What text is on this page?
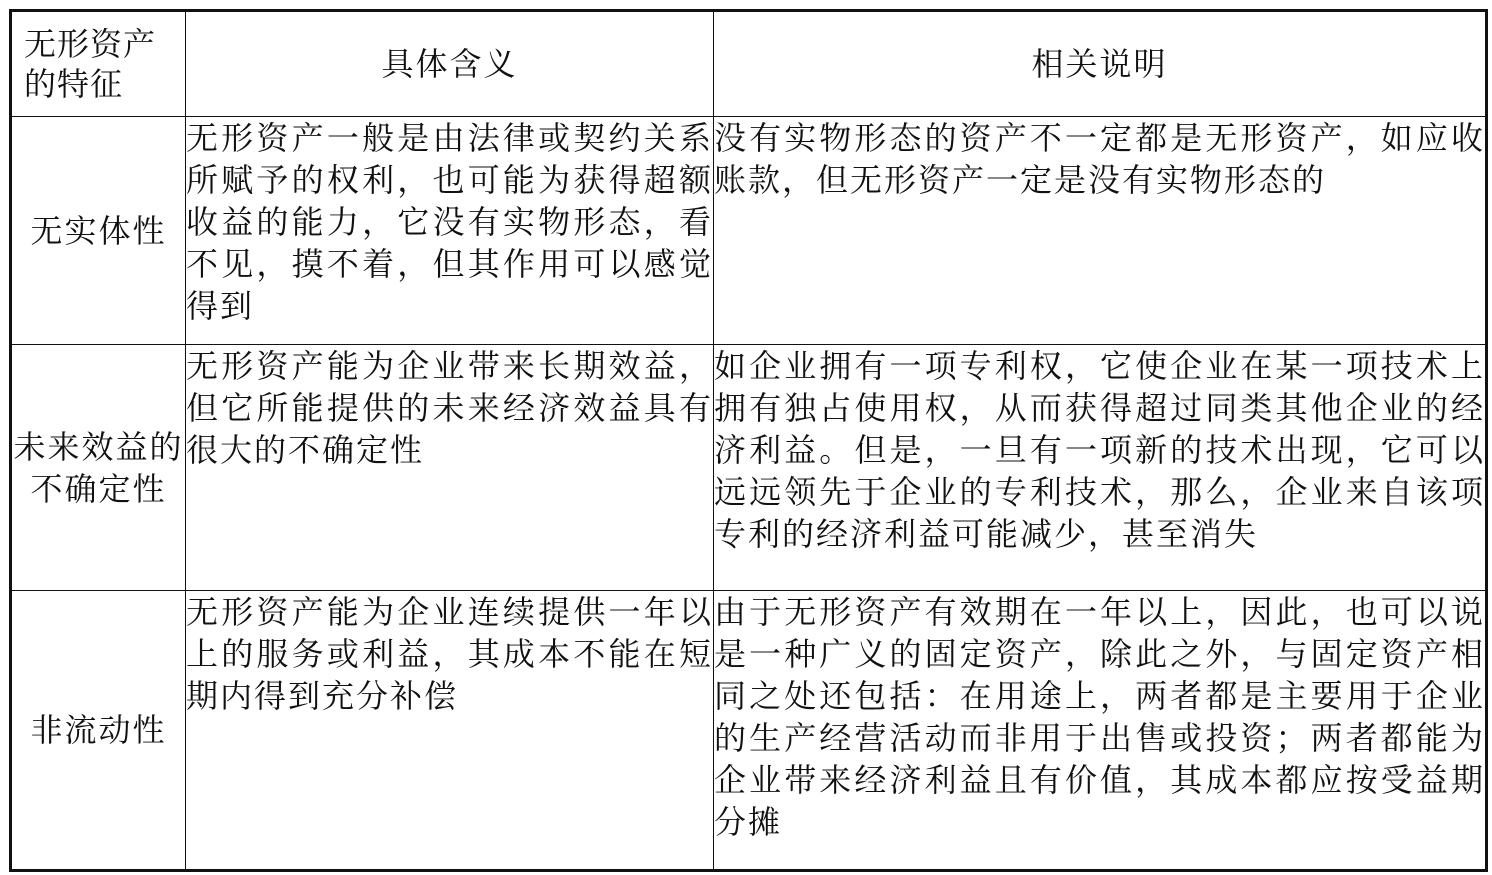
无形资产的特征	具体含义	相关说明
无实体性	无形资产一般是由法律或契约关系所赋予的权利，也可能为获得超额收益的能力，它没有实物形态，看不见，摸不着，但其作用可以感觉得到	没有实物形态的资产不一定都是无形资产，如应收账款，但无形资产一定是没有实物形态的
未来效益的不确定性	无形资产能为企业带来长期效益，但它所能提供的未来经济效益具有很大的不确定性	如企业拥有一项专利权，它使企业在某一项技术上拥有独占使用权，从而获得超过同类其他企业的经济利益。但是，一旦有一项新的技术出现，它可以远远领先于企业的专利技术，那么，企业来自该项专利的经济利益可能减少，甚至消失
非流动性	无形资产能为企业连续提供一年以上的服务或利益，其成本不能在短期内得到充分补偿	由于无形资产有效期在一年以上，因此，也可以说是一种广义的固定资产，除此之外，与固定资产相同之处还包括：在用途上，两者都是主要用于企业的生产经营活动而非用于出售或投资；两者都能为企业带来经济利益且有价值，其成本都应按受益期分摊
